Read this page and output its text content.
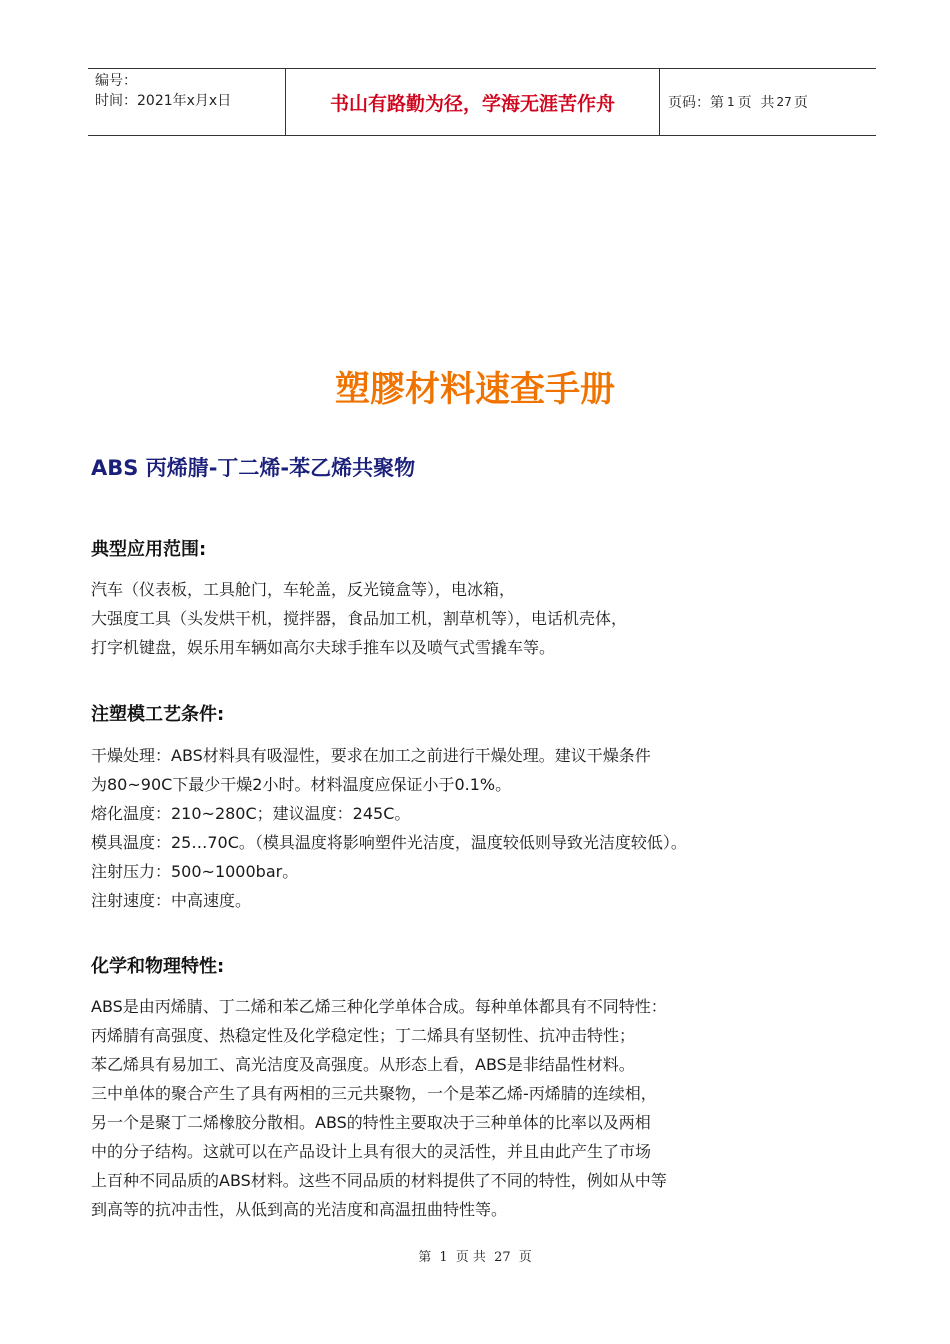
编号：
时间：2021年x月x日	书山有路勤为径，学海无涯苦作舟	页码：第 1 页  共 27 页
塑膠材料速查手册
ABS 丙烯腈-丁二烯-苯乙烯共聚物
典型应用范围:
汽车（仪表板，工具舱门，车轮盖，反光镜盒等），电冰箱，
大强度工具（头发烘干机，搅拌器，食品加工机，割草机等），电话机壳体，
打字机键盘，娱乐用车辆如高尔夫球手推车以及喷气式雪撬车等。
注塑模工艺条件:
干燥处理：ABS材料具有吸湿性，要求在加工之前进行干燥处理。建议干燥条件
为80~90C下最少干燥2小时。材料温度应保证小于0.1%。
熔化温度：210~280C；建议温度：245C。
模具温度：25…70C。（模具温度将影响塑件光洁度，温度较低则导致光洁度较低）。
注射压力：500~1000bar。
注射速度：中高速度。
化学和物理特性:
ABS是由丙烯腈、丁二烯和苯乙烯三种化学单体合成。每种单体都具有不同特性：
丙烯腈有高强度、热稳定性及化学稳定性；丁二烯具有坚韧性、抗冲击特性；
苯乙烯具有易加工、高光洁度及高强度。从形态上看，ABS是非结晶性材料。
三中单体的聚合产生了具有两相的三元共聚物，一个是苯乙烯-丙烯腈的连续相，
另一个是聚丁二烯橡胶分散相。ABS的特性主要取决于三种单体的比率以及两相
中的分子结构。这就可以在产品设计上具有很大的灵活性，并且由此产生了市场
上百种不同品质的ABS材料。这些不同品质的材料提供了不同的特性，例如从中等
到高等的抗冲击性，从低到高的光洁度和高温扭曲特性等。
第 1 页 共 27 页
